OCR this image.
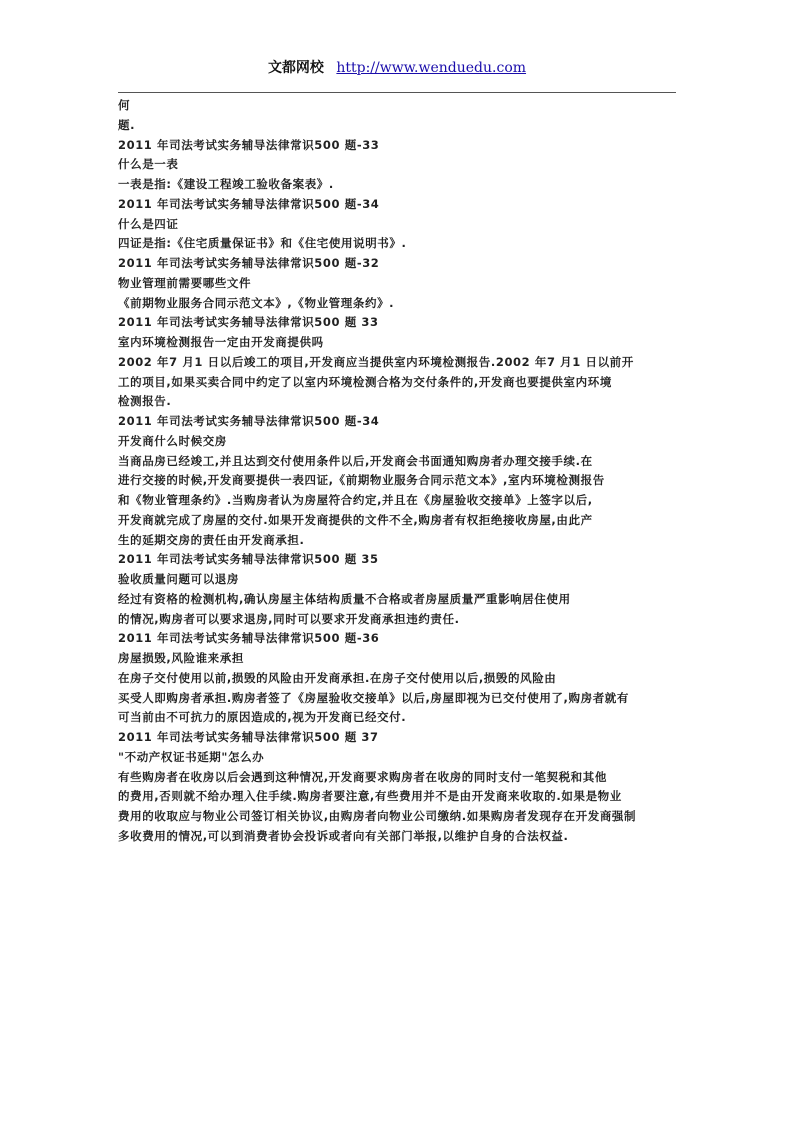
文都网校 http://www.wenduedu.com

何

题.

2011 年司法考试实务辅导法律常识500 题-33

什么是一表

一表是指:《建设工程竣工验收备案表》.

2011 年司法考试实务辅导法律常识500 题-34

什么是四证

四证是指:《住宅质量保证书》和《住宅使用说明书》.

2011 年司法考试实务辅导法律常识500 题-32

物业管理前需要哪些文件

《前期物业服务合同示范文本》,《物业管理条约》.

2011 年司法考试实务辅导法律常识500 题 33

室内环境检测报告一定由开发商提供吗

2002 年7 月1 日以后竣工的项目,开发商应当提供室内环境检测报告.2002 年7 月1 日以前开

工的项目,如果买卖合同中约定了以室内环境检测合格为交付条件的,开发商也要提供室内环境

检测报告.

2011 年司法考试实务辅导法律常识500 题-34

开发商什么时候交房

当商品房已经竣工,并且达到交付使用条件以后,开发商会书面通知购房者办理交接手续.在

进行交接的时候,开发商要提供一表四证,《前期物业服务合同示范文本》,室内环境检测报告

和《物业管理条约》.当购房者认为房屋符合约定,并且在《房屋验收交接单》上签字以后,

开发商就完成了房屋的交付.如果开发商提供的文件不全,购房者有权拒绝接收房屋,由此产

生的延期交房的责任由开发商承担.

2011 年司法考试实务辅导法律常识500 题 35

验收质量问题可以退房

经过有资格的检测机构,确认房屋主体结构质量不合格或者房屋质量严重影响居住使用

的情况,购房者可以要求退房,同时可以要求开发商承担违约责任.

2011 年司法考试实务辅导法律常识500 题-36

房屋损毁,风险谁来承担

在房子交付使用以前,损毁的风险由开发商承担.在房子交付使用以后,损毁的风险由

买受人即购房者承担.购房者签了《房屋验收交接单》以后,房屋即视为已交付使用了,购房者就有

可当前由不可抗力的原因造成的,视为开发商已经交付.

2011 年司法考试实务辅导法律常识500 题 37

"不动产权证书延期"怎么办

有些购房者在收房以后会遇到这种情况,开发商要求购房者在收房的同时支付一笔契税和其他

的费用,否则就不给办理入住手续.购房者要注意,有些费用并不是由开发商来收取的.如果是物业

费用的收取应与物业公司签订相关协议,由购房者向物业公司缴纳.如果购房者发现存在开发商强制

多收费用的情况,可以到消费者协会投诉或者向有关部门举报,以维护自身的合法权益.
